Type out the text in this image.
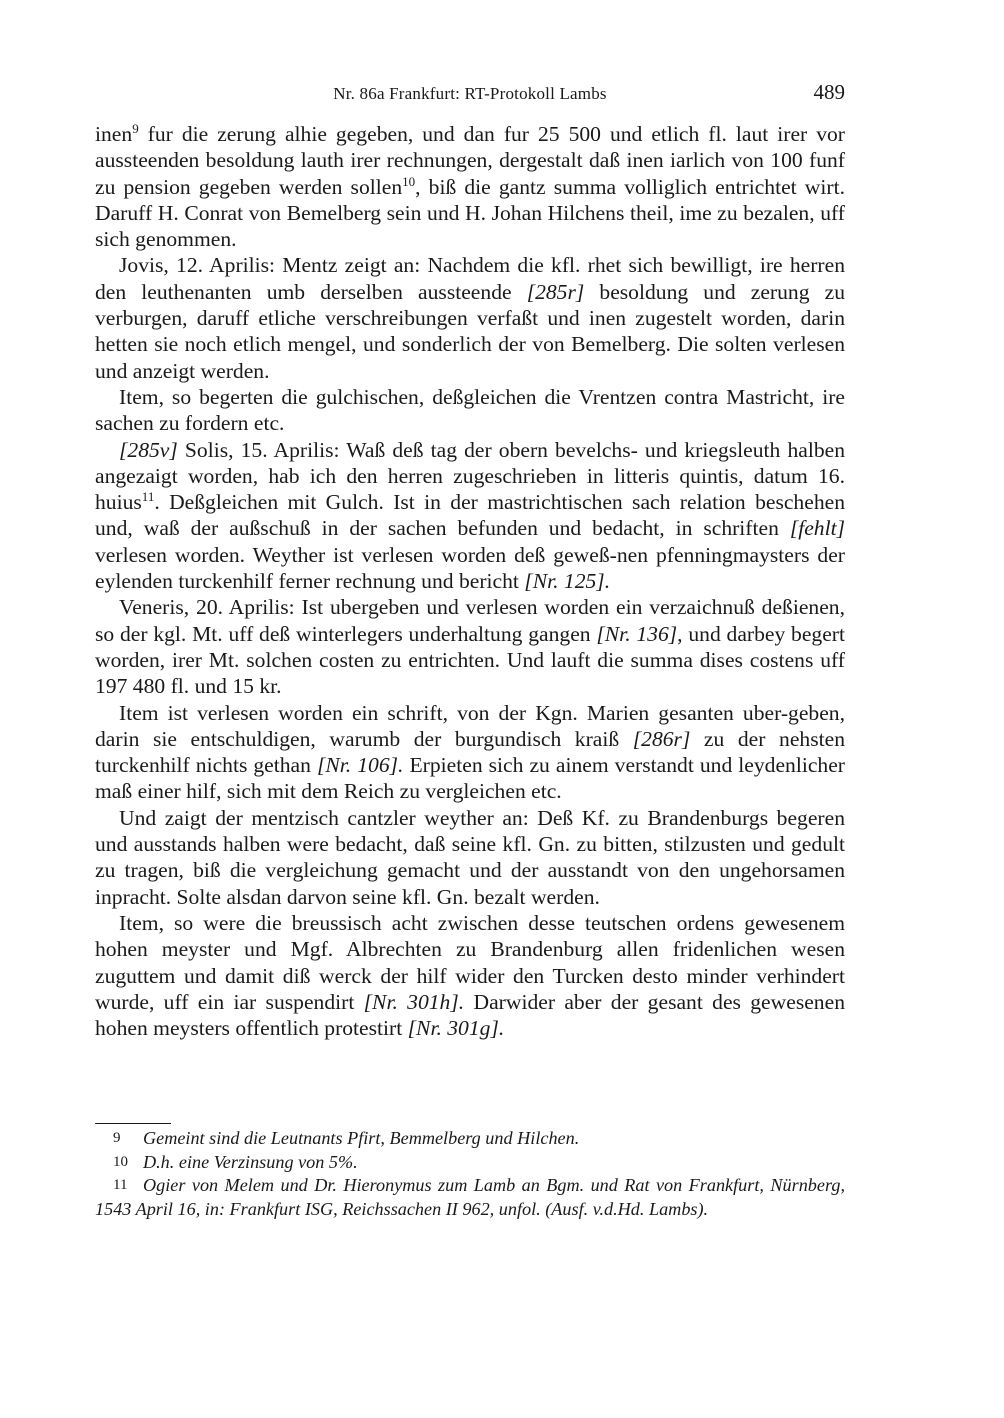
Nr. 86a Frankfurt: RT-Protokoll Lambs	489

inen$^9$ fur die zerung alhie gegeben, und dan fur 25 500 und etlich fl. laut irer vor aussteenden besoldung lauth irer rechnungen, dergestalt daß inen iarlich von 100 funf zu pension gegeben werden sollen$^{10}$, biß die gantz summa volliglich entrichtet wirt. Daruff H. Conrat von Bemelberg sein und H. Johan Hilchens theil, ime zu bezalen, uff sich genommen.

Jovis, 12. Aprilis: Mentz zeigt an: Nachdem die kfl. rhet sich bewilligt, ire herren den leuthenanten umb derselben aussteende [285r] besoldung und zerung zu verburgen, daruff etliche verschreibungen verfaßt und inen zugestelt worden, darin hetten sie noch etlich mengel, und sonderlich der von Bemelberg. Die solten verlesen und anzeigt werden.

Item, so begerten die gulchischen, deßgleichen die Vrentzen contra Mastricht, ire sachen zu fordern etc.

[285v] Solis, 15. Aprilis: Waß deß tag der obern bevelchs- und kriegsleuth halben angezaigt worden, hab ich den herren zugeschrieben in litteris quintis, datum 16. huius$^{11}$. Deßgleichen mit Gulch. Ist in der mastrichtischen sach relation beschehen und, waß der außschuß in der sachen befunden und bedacht, in schriften [fehlt] verlesen worden. Weyther ist verlesen worden deß geweß-nen pfenningmaysters der eylenden turckenhilf ferner rechnung und bericht [Nr. 125].

Veneris, 20. Aprilis: Ist ubergeben und verlesen worden ein verzaichnuß deßienen, so der kgl. Mt. uff deß winterlegers underhaltung gangen [Nr. 136], und darbey begert worden, irer Mt. solchen costen zu entrichten. Und lauft die summa dises costens uff 197 480 fl. und 15 kr.

Item ist verlesen worden ein schrift, von der Kgn. Marien gesanten uber-geben, darin sie entschuldigen, warumb der burgundisch kraiß [286r] zu der nehsten turckenhilf nichts gethan [Nr. 106]. Erpieten sich zu ainem verstandt und leydenlicher maß einer hilf, sich mit dem Reich zu vergleichen etc.

Und zaigt der mentzisch cantzler weyther an: Deß Kf. zu Brandenburgs begeren und ausstands halben were bedacht, daß seine kfl. Gn. zu bitten, stilzusten und gedult zu tragen, biß die vergleichung gemacht und der ausstandt von den ungehorsamen inpracht. Solte alsdan darvon seine kfl. Gn. bezalt werden.

Item, so were die breussisch acht zwischen desse teutschen ordens gewesenem hohen meyster und Mgf. Albrechten zu Brandenburg allen fridenlichen wesen zuguttem und damit diß werck der hilf wider den Turcken desto minder verhindert wurde, uff ein iar suspendirt [Nr. 301h]. Darwider aber der gesant des gewesenen hohen meysters offentlich protestirt [Nr. 301g].

9 Gemeint sind die Leutnants Pfirt, Bemmelberg und Hilchen.

10 D.h. eine Verzinsung von 5%.

11 Ogier von Melem und Dr. Hieronymus zum Lamb an Bgm. und Rat von Frankfurt, Nürnberg, 1543 April 16, in: Frankfurt ISG, Reichssachen II 962, unfol. (Ausf. v.d.Hd. Lambs).
